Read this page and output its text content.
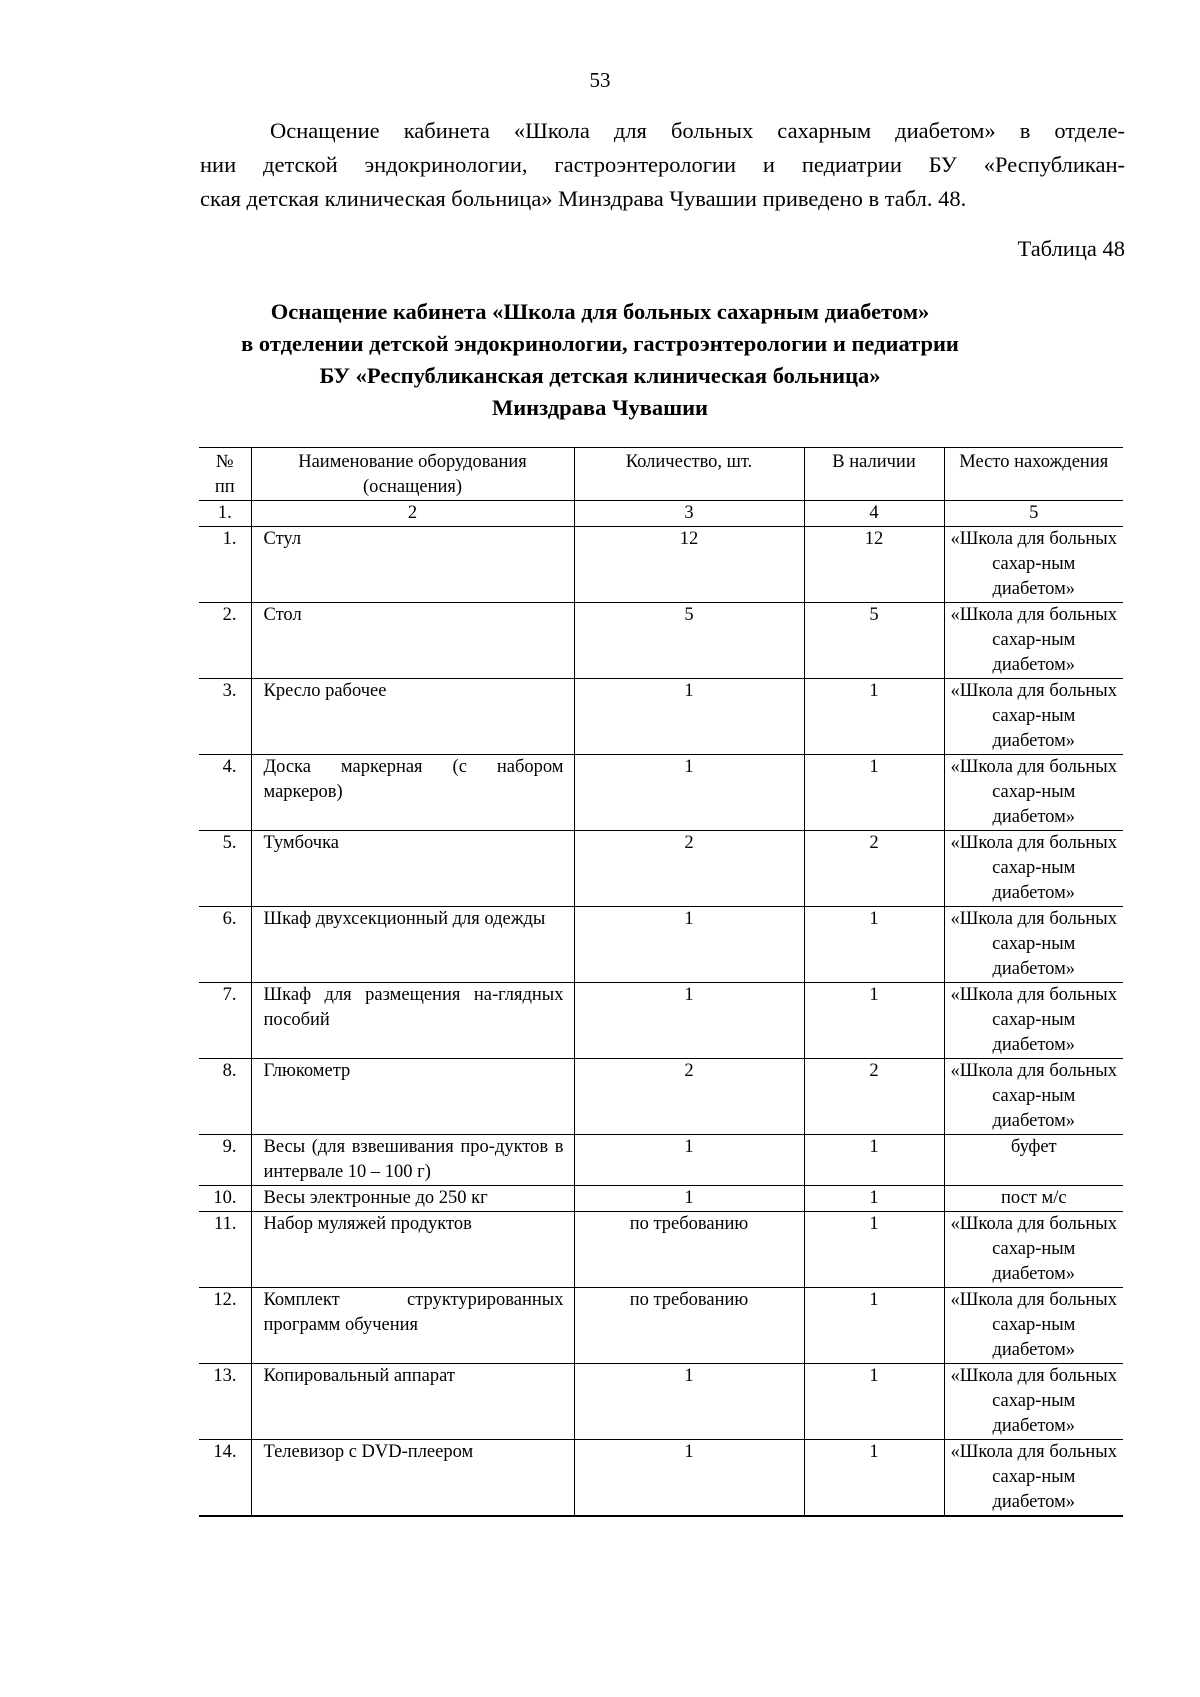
53

Оснащение кабинета «Школа для больных сахарным диабетом» в отделе-
нии детской эндокринологии, гастроэнтерологии и педиатрии БУ «Республикан-
ская детская клиническая больница» Минздрава Чувашии приведено в табл. 48.

Таблица 48
Оснащение кабинета «Школа для больных сахарным диабетом»
в отделении детской эндокринологии, гастроэнтерологии и педиатрии
БУ «Республиканская детская клиническая больница»
Минздрава Чувашии
№ пп	Наименование оборудования (оснащения)	Количество, шт.	В наличии	Место нахождения
1.	2	3	4	5
1.	Стул	12	12	«Школа для больных сахар-ным диабетом»
2.	Стол	5	5	«Школа для больных сахар-ным диабетом»
3.	Кресло рабочее	1	1	«Школа для больных сахар-ным диабетом»
4.	Доска маркерная (с набором маркеров)	1	1	«Школа для больных сахар-ным диабетом»
5.	Тумбочка	2	2	«Школа для больных сахар-ным диабетом»
6.	Шкаф двухсекционный для одежды	1	1	«Школа для больных сахар-ным диабетом»
7.	Шкаф для размещения на-глядных пособий	1	1	«Школа для больных сахар-ным диабетом»
8.	Глюкометр	2	2	«Школа для больных сахар-ным диабетом»
9.	Весы (для взвешивания про-дуктов в интервале 10 – 100 г)	1	1	буфет
10.	Весы электронные до 250 кг	1	1	пост м/с
11.	Набор муляжей продуктов	по требованию	1	«Школа для больных сахар-ным диабетом»
12.	Комплект структурированных программ обучения	по требованию	1	«Школа для больных сахар-ным диабетом»
13.	Копировальный аппарат	1	1	«Школа для больных сахар-ным диабетом»
14.	Телевизор с DVD-плеером	1	1	«Школа для больных сахар-ным диабетом»
